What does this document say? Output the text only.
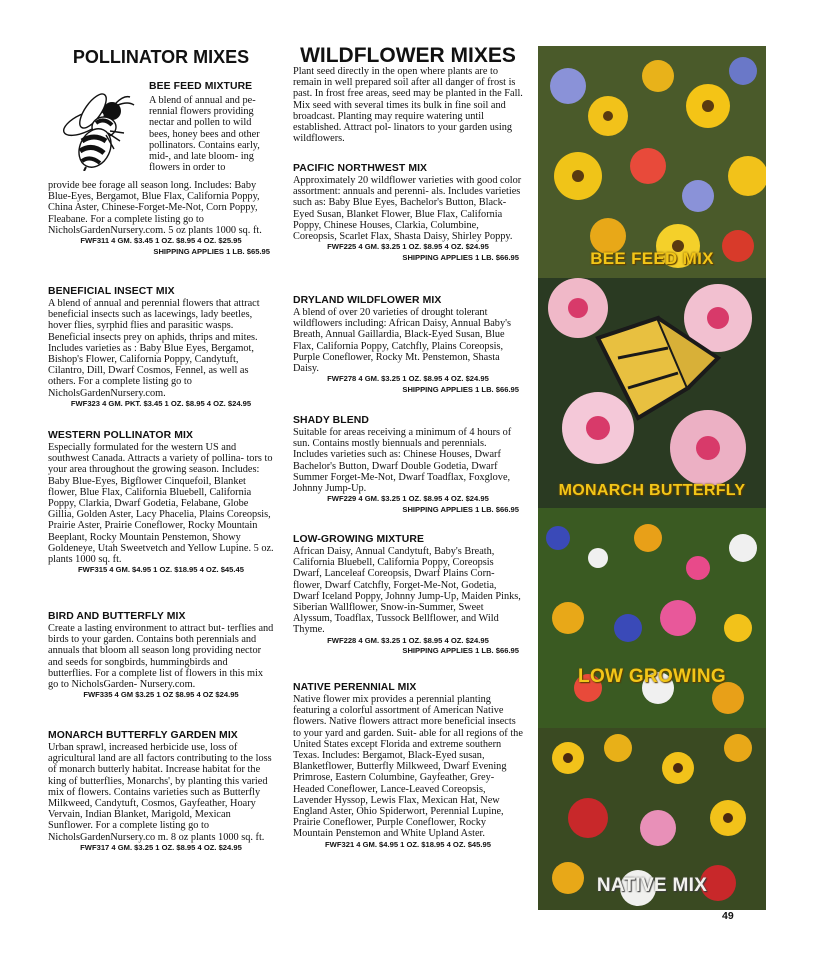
POLLINATOR MIXES
BEE FEED MIXTURE
A blend of annual and pe- rennial flowers providing nectar and pollen to wild bees, honey bees and other pollinators. Contains early, mid-, and late bloom- ing flowers in order to
provide bee forage all season long. Includes: Baby Blue-Eyes, Bergamot, Blue Flax, California Poppy, China Aster, Chinese-Forget-Me-Not, Corn Poppy, Fleabane. For a complete listing go to NicholsGardenNursery.com. 5 oz plants 1000 sq. ft.
FWF311 4 GM. $3.45 1 OZ. $8.95 4 OZ. $25.95
SHIPPING APPLIES 1 LB. $65.95
BENEFICIAL INSECT MIX
A blend of annual and perennial flowers that attract beneficial insects such as lacewings, lady beetles, hover flies, syrphid flies and parasitic wasps. Beneficial insects prey on aphids, thrips and mites. Includes varieties as : Baby Blue Eyes, Bergamot, Bishop's Flower, California Poppy, Candytuft, Cilantro, Dill, Dwarf Cosmos, Fennel, as well as others. For a complete listing go to NicholsGardenNursery.com.
FWF323 4 GM. PKT. $3.45 1 OZ. $8.95 4 OZ. $24.95
WESTERN POLLINATOR MIX
Especially formulated for the western US and southwest Canada. Attracts a variety of pollina- tors to your area throughout the growing season. Includes: Baby Blue-Eyes, Bigflower Cinquefoil, Blanket flower, Blue Flax, California Bluebell, California Poppy, Clarkia, Dwarf Godetia, Felabane, Globe Gillia, Golden Aster, Lacy Phacelia, Plains Coreopsis, Prairie Aster, Prairie Coneflower, Rocky Mountain Beeplant, Rocky Mountain Penstemon, Showy Goldeneye, Utah Sweetvetch and Yellow Lupine. 5 oz. plants 1000 sq. ft.
FWF315 4 GM. $4.95 1 OZ. $18.95 4 OZ. $45.45
BIRD AND BUTTERFLY MIX
Create a lasting environment to attract but- terflies and birds to your garden. Contains both perennials and annuals that bloom all season long providing nector and seeds for songbirds, hummingbirds and butterflies. For a complete list of flowers in this mix go to NicholsGarden- Nursery.com.
FWF335 4 GM $3.25 1 OZ $8.95 4 OZ $24.95
MONARCH BUTTERFLY GARDEN MIX
Urban sprawl, increased herbicide use, loss of agricultural land are all factors contributing to the loss of monarch butterly habitat. Increase habitat for the king of butterflies, Monarchs', by planting this varied mix of flowers. Contains varieties such as Butterfly Milkweed, Candytuft, Cosmos, Gayfeather, Hoary Vervain, Indian Blanket, Marigold, Mexican Sunflower. For a complete listing go to NicholsGardenNursery.co m. 8 oz plants 1000 sq. ft.
FWF317 4 GM. $3.25 1 OZ. $8.95 4 OZ. $24.95
WILDFLOWER MIXES
Plant seed directly in the open where plants are to remain in well prepared soil after all danger of frost is past. In frost free areas, seed may be planted in the Fall. Mix seed with several times its bulk in fine soil and broadcast. Planting may require watering until established. Attract pol- linators to your garden using wildflowers.
PACIFIC NORTHWEST MIX
Approximately 20 wildflower varieties with good color assortment: annuals and perenni- als. Includes varieties such as: Baby Blue Eyes, Bachelor's Button, Black-Eyed Susan, Blanket Flower, Blue Flax, California Poppy, Chinese Houses, Clarkia, Columbine, Coreopsis, Scarlet Flax, Shasta Daisy, Shirley Poppy.
FWF225 4 GM. $3.25 1 OZ. $8.95 4 OZ. $24.95
SHIPPING APPLIES 1 LB. $66.95
DRYLAND WILDFLOWER MIX
A blend of over 20 varieties of drought tolerant wildflowers including: African Daisy, Annual Baby's Breath, Annual Gaillardia, Black-Eyed Susan, Blue Flax, California Poppy, Catchfly, Plains Coreopsis, Purple Coneflower, Rocky Mt. Penstemon, Shasta Daisy.
FWF278 4 GM. $3.25 1 OZ. $8.95 4 OZ. $24.95
SHIPPING APPLIES 1 LB. $66.95
SHADY BLEND
Suitable for areas receiving a minimum of 4 hours of sun. Contains mostly biennuals and perennials. Includes varieties such as: Chinese Houses, Dwarf Bachelor's Button, Dwarf Double Godetia, Dwarf Summer Forget-Me-Not, Dwarf Toadflax, Foxglove, Johnny Jump-Up.
FWF229 4 GM. $3.25 1 OZ. $8.95 4 OZ. $24.95
SHIPPING APPLIES 1 LB. $66.95
LOW-GROWING MIXTURE
African Daisy, Annual Candytuft, Baby's Breath, California Bluebell, California Poppy, Coreopsis Dwarf, Lanceleaf Coreopsis, Dwarf Plains Corn- flower, Dwarf Catchfly, Forget-Me-Not, Godetia, Dwarf Iceland Poppy, Johnny Jump-Up, Maiden Pinks, Siberian Wallflower, Snow-in-Summer, Sweet Alyssum, Toadflax, Tussock Bellflower, and Wild Thyme.
FWF228 4 GM. $3.25 1 OZ. $8.95 4 OZ. $24.95
SHIPPING APPLIES 1 LB. $66.95
NATIVE PERENNIAL MIX
Native flower mix provides a perennial planting featuring a colorful assortment of American Native flowers. Native flowers attract more beneficial insects to your yard and garden. Suit- able for all regions of the United States except Florida and extreme southern Texas. Includes: Bergamot, Black-Eyed susan, Blanketflower, Butterfly Milkweed, Dwarf Evening Primrose, Eastern Columbine, Gayfeather, Grey-Headed Coneflower, Lance-Leaved Coreopsis, Lavender Hyssop, Lewis Flax, Mexican Hat, New England Aster, Ohio Spiderwort, Perennial Lupine, Prairie Coneflower, Purple Coneflower, Rocky Mountain Penstemon and White Upland Aster.
FWF321 4 GM. $4.95 1 OZ. $18.95 4 OZ. $45.95
BEE FEED MIX
MONARCH BUTTERFLY
LOW GROWING
NATIVE MIX
49
